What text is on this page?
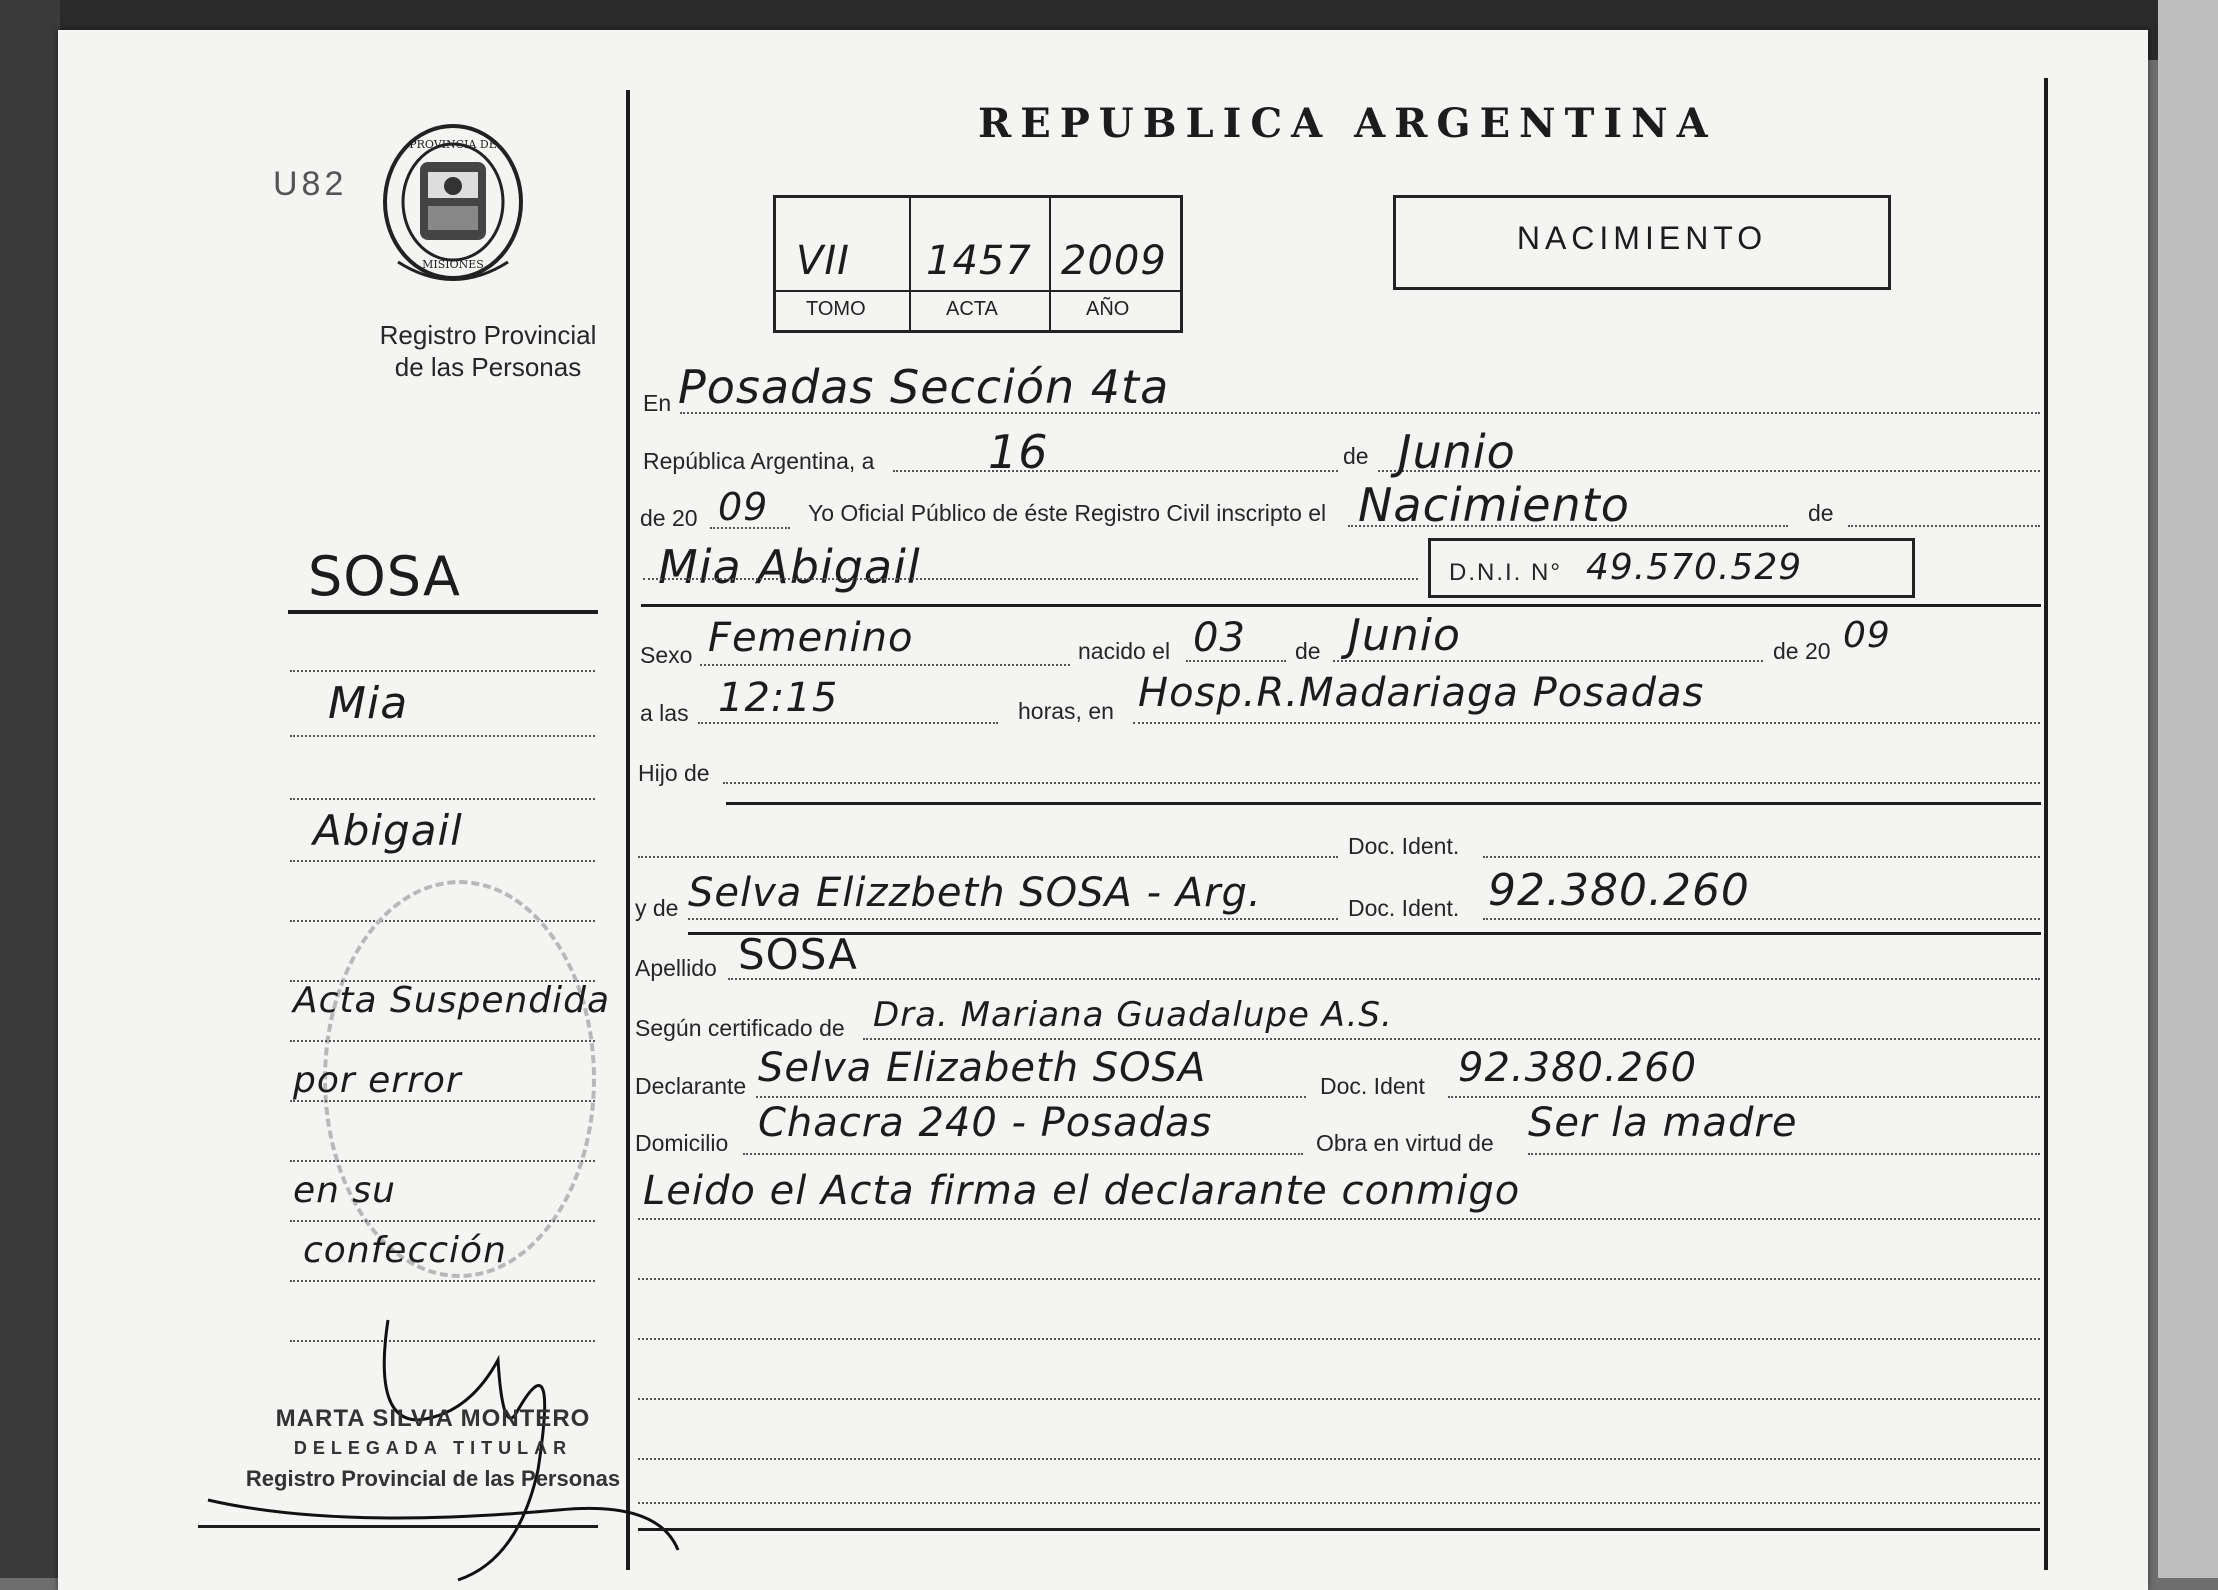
U82
PROVINCIA DE
MISIONES
Registro Provincial
de las Personas
REPUBLICA ARGENTINA
VII 1457 2009
TOMO	ACTA	AÑO
NACIMIENTO
SOSA
Mia
Abigail
Acta Suspendida
por error
en su
confección
MARTA SILVIA MONTERO
DELEGADA TITULAR
Registro Provincial de las Personas
En Posadas Sección 4ta
República Argentina, a 16	de Junio
de 20 09 Yo Oficial Público de éste Registro Civil inscripto el Nacimiento	de
Mia Abigail	D.N.I. N° 49.570.529
Sexo Femenino	nacido el 03 de Junio	de 20 09
a las 12:15	horas, en Hosp.R.Madariaga Posadas
Hijo de
Doc. Ident.
y de Selva Elizzbeth SOSA - Arg.	Doc. Ident. 92.380.260
Apellido SOSA
Según certificado de Dra. Mariana Guadalupe A.S.
Declarante Selva Elizabeth SOSA	Doc. Ident 92.380.260
Domicilio Chacra 240 - Posadas	Obra en virtud de Ser la madre
Leido el Acta firma el declarante conmigo
